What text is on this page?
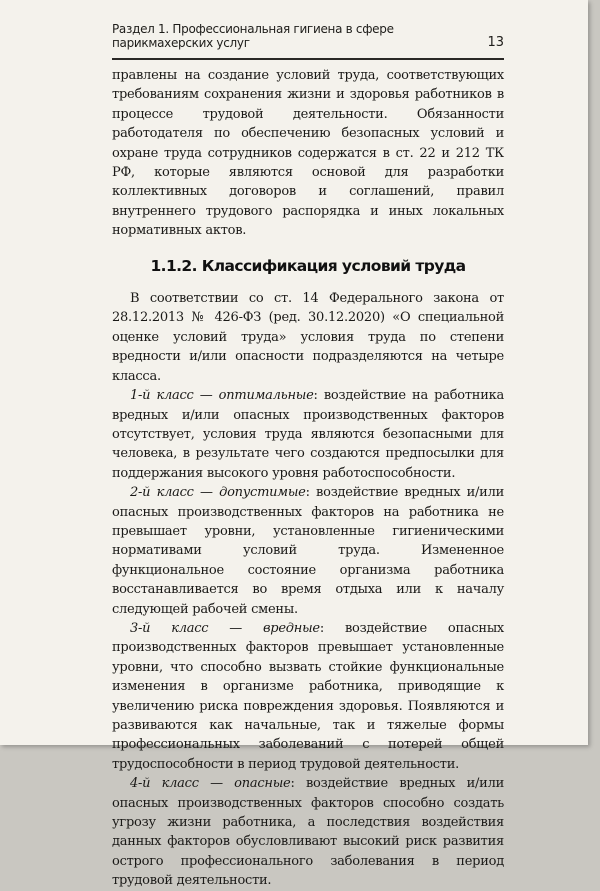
Раздел 1. Профессиональная гигиена в сфере парикмахерских услуг	13

правлены на создание условий труда, соответствующих требованиям сохранения жизни и здоровья работников в процессе трудовой деятельности. Обязанности работодателя по обеспечению безопасных условий и охране труда сотрудников содержатся в ст. 22 и 212 ТК РФ, которые являются основой для разработки коллективных договоров и соглашений, правил внутреннего трудового распорядка и иных локальных нормативных актов.

1.1.2. Классификация условий труда

В соответствии со ст. 14 Федерального закона от 28.12.2013 № 426-ФЗ (ред. 30.12.2020) «О специальной оценке условий труда» условия труда по степени вредности и/или опасности подразделяются на четыре класса.

1-й класс — оптимальные: воздействие на работника вредных и/или опасных производственных факторов отсутствует, условия труда являются безопасными для человека, в результате чего создаются предпосылки для поддержания высокого уровня работоспособности.

2-й класс — допустимые: воздействие вредных и/или опасных производственных факторов на работника не превышает уровни, установленные гигиеническими нормативами условий труда. Измененное функциональное состояние организма работника восстанавливается во время отдыха или к началу следующей рабочей смены.

3-й класс — вредные: воздействие опасных производственных факторов превышает установленные уровни, что способно вызвать стойкие функциональные изменения в организме работника, приводящие к увеличению риска повреждения здоровья. Появляются и развиваются как начальные, так и тяжелые формы профессиональных заболеваний с потерей общей трудоспособности в период трудовой деятельности.

4-й класс — опасные: воздействие вредных и/или опасных производственных факторов способно создать угрозу жизни работника, а последствия воздействия данных факторов обусловливают высокий риск развития острого профессионального заболевания в период трудовой деятельности.
